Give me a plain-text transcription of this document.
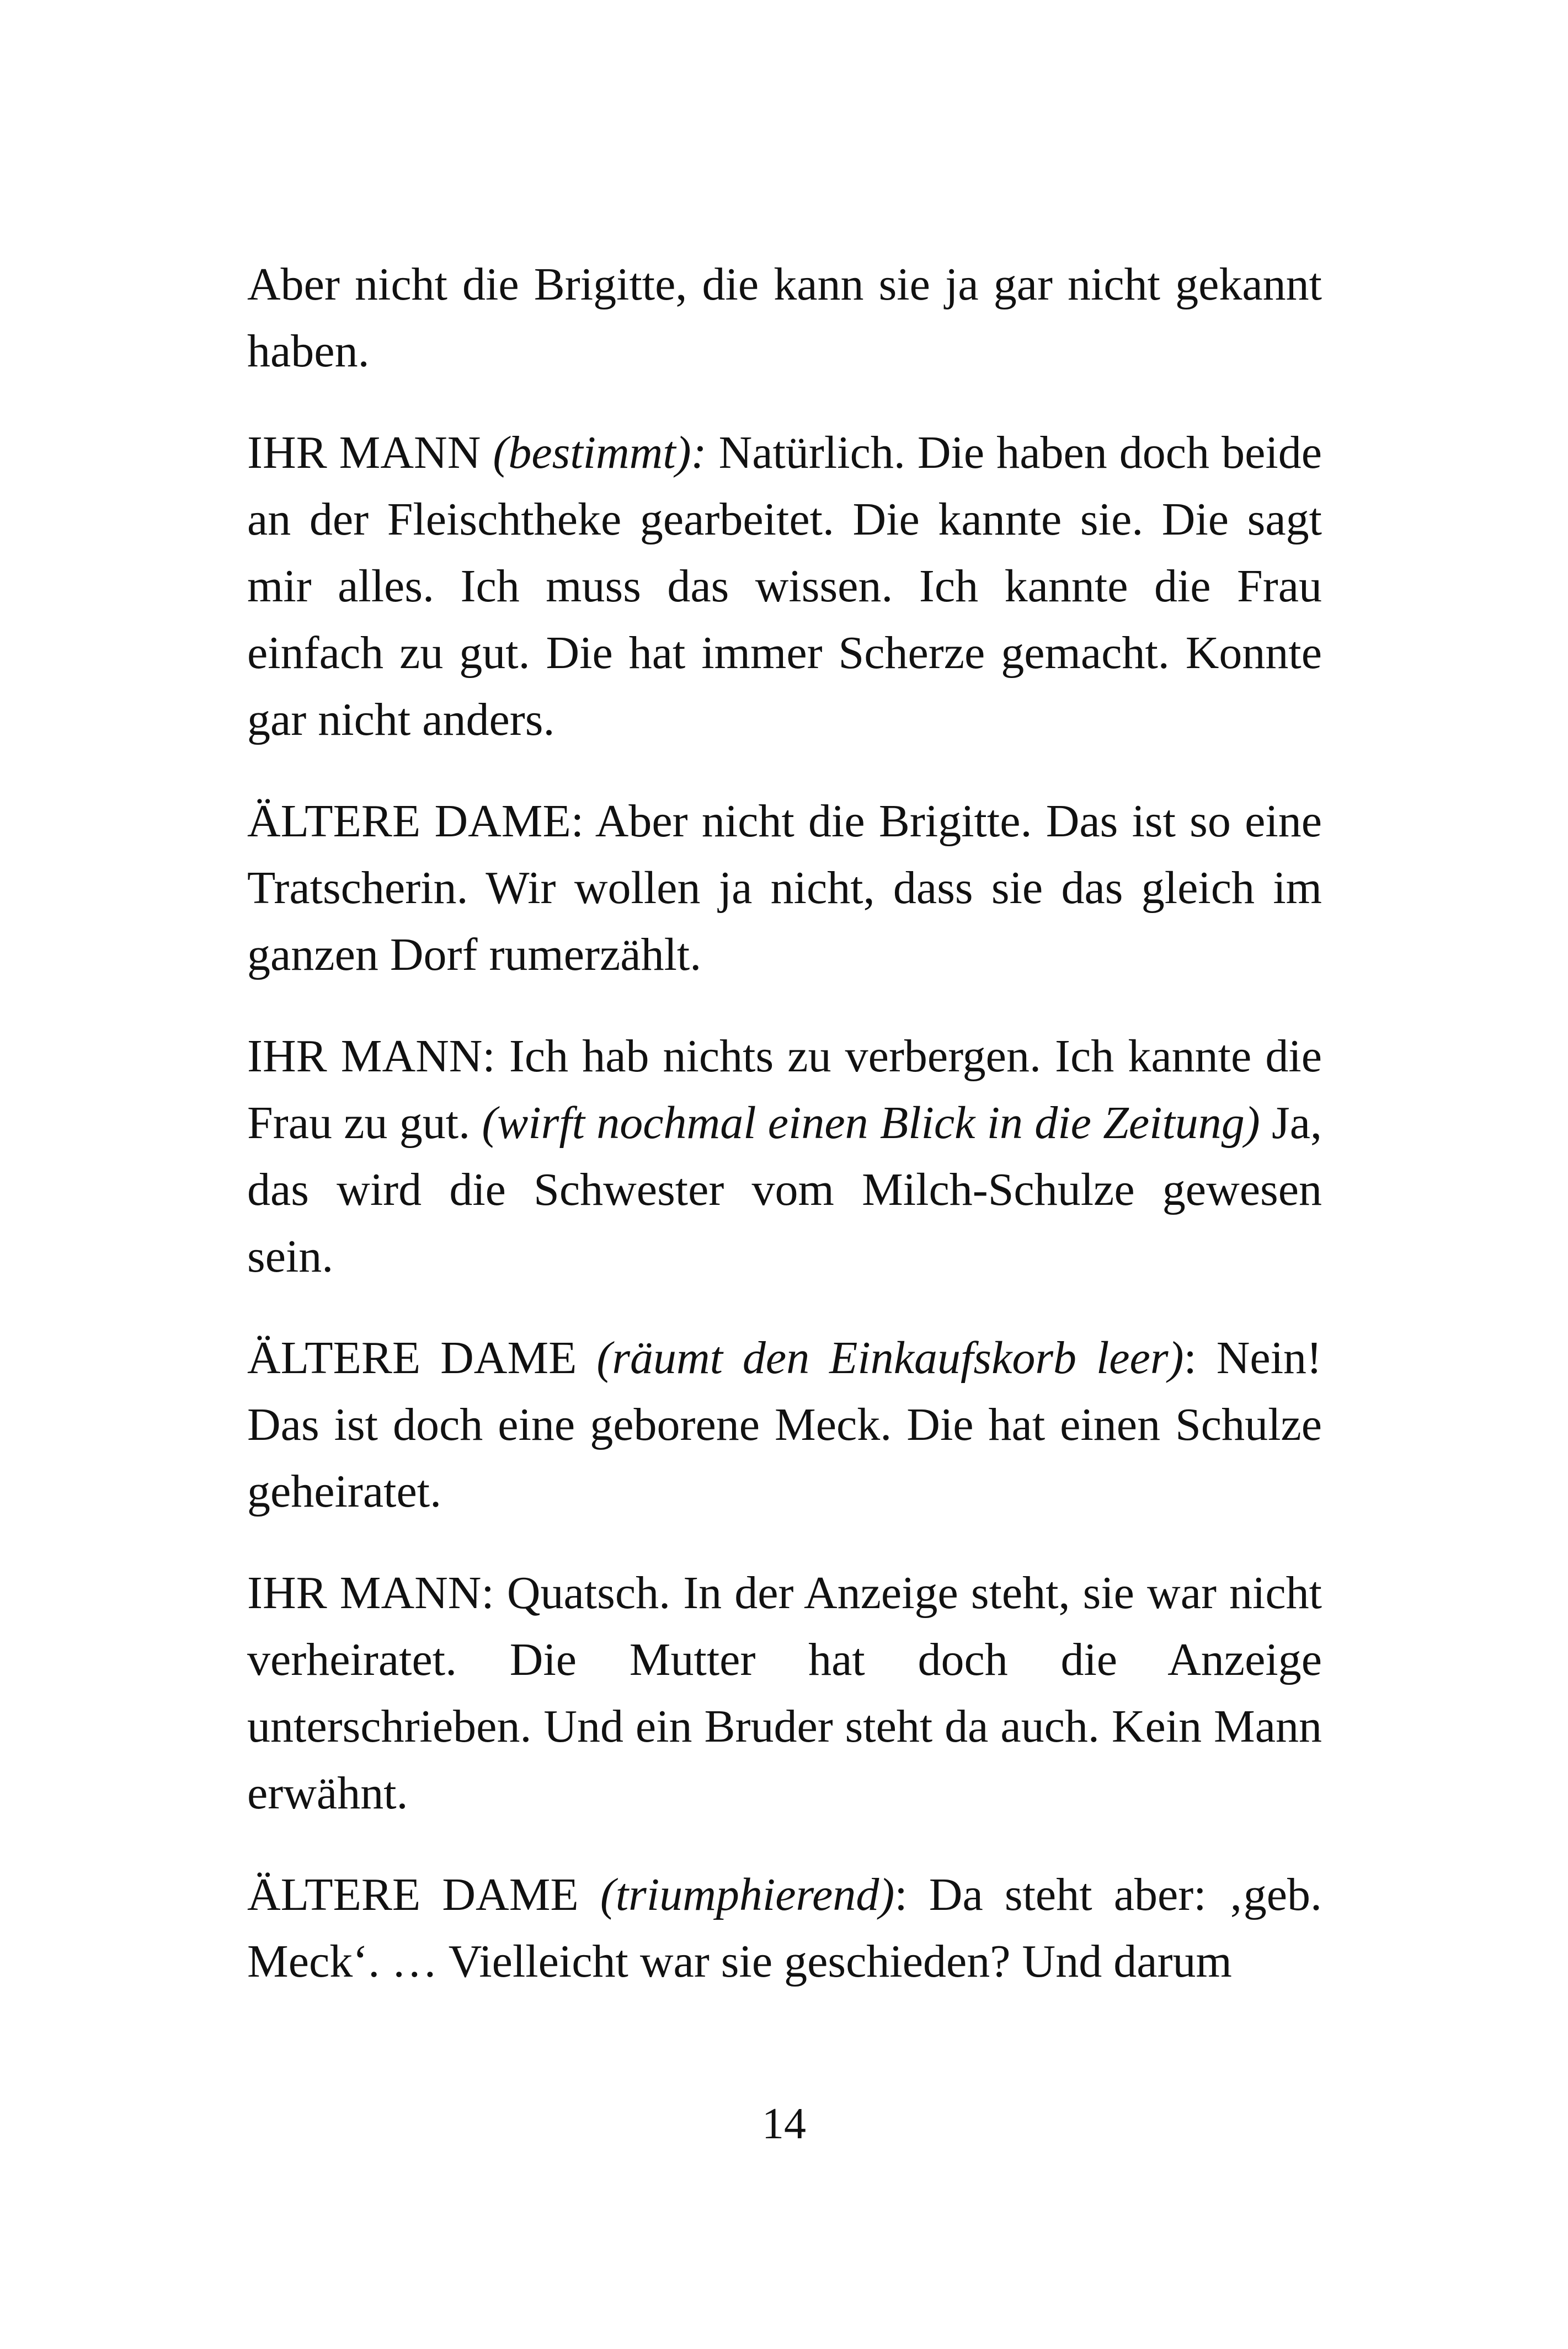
Aber nicht die Brigitte, die kann sie ja gar nicht gekannt haben.

IHR MANN (bestimmt): Natürlich. Die haben doch beide an der Fleischtheke gearbeitet. Die kannte sie. Die sagt mir alles. Ich muss das wissen. Ich kannte die Frau einfach zu gut. Die hat immer Scherze gemacht. Konnte gar nicht anders.

ÄLTERE DAME: Aber nicht die Brigitte. Das ist so eine Tratscherin. Wir wollen ja nicht, dass sie das gleich im ganzen Dorf rumerzählt.

IHR MANN: Ich hab nichts zu verbergen. Ich kannte die Frau zu gut. (wirft nochmal einen Blick in die Zeitung) Ja, das wird die Schwester vom Milch-Schulze gewesen sein.

ÄLTERE DAME (räumt den Einkaufskorb leer): Nein! Das ist doch eine geborene Meck. Die hat einen Schulze geheiratet.

IHR MANN: Quatsch. In der Anzeige steht, sie war nicht verheiratet. Die Mutter hat doch die Anzeige unterschrieben. Und ein Bruder steht da auch. Kein Mann erwähnt.

ÄLTERE DAME (triumphierend): Da steht aber: ‚geb. Meck‘. … Vielleicht war sie geschieden? Und darum

14
